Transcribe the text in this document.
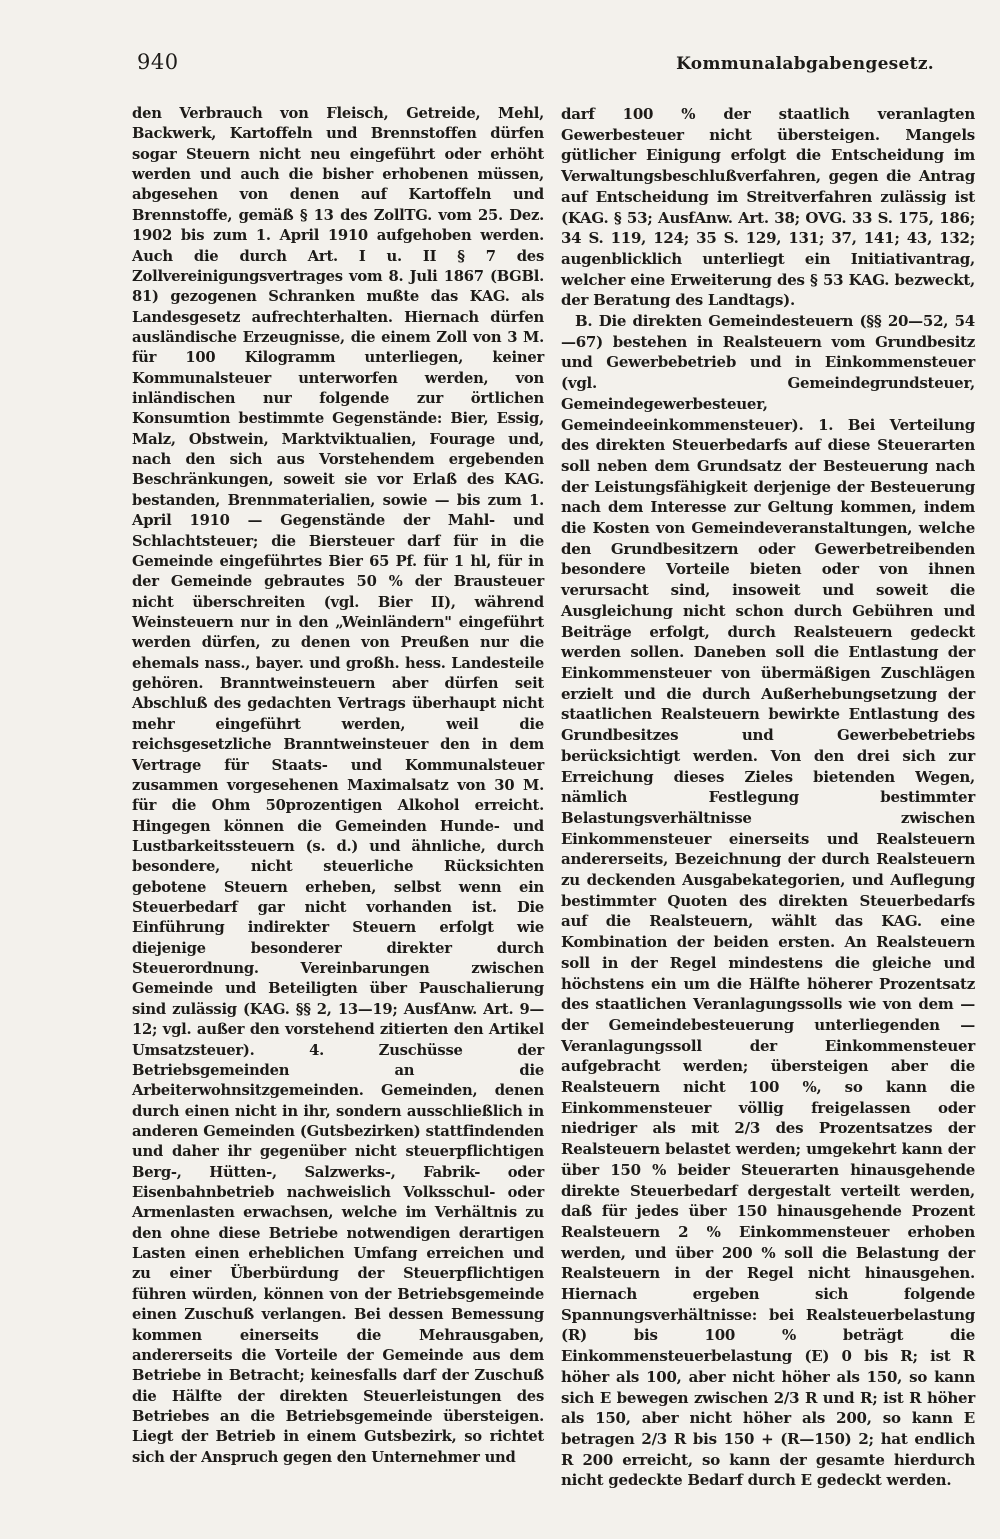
940	Kommunalabgabengesetz.

den Verbrauch von Fleisch, Getreide, Mehl, Backwerk, Kartoffeln und Brennstoffen dürfen sogar Steuern nicht neu eingeführt oder erhöht werden und auch die bisher erhobenen müssen, abgesehen von denen auf Kartoffeln und Brennstoffe, gemäß § 13 des ZollTG. vom 25. Dez. 1902 bis zum 1. April 1910 aufgehoben werden. Auch die durch Art. I u. II § 7 des Zollvereinigungsvertrages vom 8. Juli 1867 (BGBl. 81) gezogenen Schranken mußte das KAG. als Landesgesetz aufrechterhalten. Hiernach dürfen ausländische Erzeugnisse, die einem Zoll von 3 M. für 100 Kilogramm unterliegen, keiner Kommunalsteuer unterworfen werden, von inländischen nur folgende zur örtlichen Konsumtion bestimmte Gegenstände: Bier, Essig, Malz, Obstwein, Marktviktualien, Fourage und, nach den sich aus Vorstehendem ergebenden Beschränkungen, soweit sie vor Erlaß des KAG. bestanden, Brennmaterialien, sowie — bis zum 1. April 1910 — Gegenstände der Mahl- und Schlachtsteuer; die Biersteuer darf für in die Gemeinde eingeführtes Bier 65 Pf. für 1 hl, für in der Gemeinde gebrautes 50 % der Brausteuer nicht überschreiten (vgl. Bier II), während Weinsteuern nur in den „Weinländern" eingeführt werden dürfen, zu denen von Preußen nur die ehemals nass., bayer. und großh. hess. Landesteile gehören. Branntweinsteuern aber dürfen seit Abschluß des gedachten Vertrags überhaupt nicht mehr eingeführt werden, weil die reichsgesetzliche Branntweinsteuer den in dem Vertrage für Staats- und Kommunalsteuer zusammen vorgesehenen Maximalsatz von 30 M. für die Ohm 50prozentigen Alkohol erreicht. Hingegen können die Gemeinden Hunde- und Lustbarkeitssteuern (s. d.) und ähnliche, durch besondere, nicht steuerliche Rücksichten gebotene Steuern erheben, selbst wenn ein Steuerbedarf gar nicht vorhanden ist. Die Einführung indirekter Steuern erfolgt wie diejenige besonderer direkter durch Steuerordnung. Vereinbarungen zwischen Gemeinde und Beteiligten über Pauschalierung sind zulässig (KAG. §§ 2, 13—19; AusfAnw. Art. 9—12; vgl. außer den vorstehend zitierten den Artikel Umsatzsteuer). 4. Zuschüsse der Betriebsgemeinden an die Arbeiterwohnsitzgemeinden. Gemeinden, denen durch einen nicht in ihr, sondern ausschließlich in anderen Gemeinden (Gutsbezirken) stattfindenden und daher ihr gegenüber nicht steuerpflichtigen Berg-, Hütten-, Salzwerks-, Fabrik- oder Eisenbahnbetrieb nachweislich Volksschul- oder Armenlasten erwachsen, welche im Verhältnis zu den ohne diese Betriebe notwendigen derartigen Lasten einen erheblichen Umfang erreichen und zu einer Überbürdung der Steuerpflichtigen führen würden, können von der Betriebsgemeinde einen Zuschuß verlangen. Bei dessen Bemessung kommen einerseits die Mehrausgaben, andererseits die Vorteile der Gemeinde aus dem Betriebe in Betracht; keinesfalls darf der Zuschuß die Hälfte der direkten Steuerleistungen des Betriebes an die Betriebsgemeinde übersteigen. Liegt der Betrieb in einem Gutsbezirk, so richtet sich der Anspruch gegen den Unternehmer und

darf 100 % der staatlich veranlagten Gewerbesteuer nicht übersteigen. Mangels gütlicher Einigung erfolgt die Entscheidung im Verwaltungsbeschlußverfahren, gegen die Antrag auf Entscheidung im Streitverfahren zulässig ist (KAG. § 53; AusfAnw. Art. 38; OVG. 33 S. 175, 186; 34 S. 119, 124; 35 S. 129, 131; 37, 141; 43, 132; augenblicklich unterliegt ein Initiativantrag, welcher eine Erweiterung des § 53 KAG. bezweckt, der Beratung des Landtags).

B. Die direkten Gemeindesteuern (§§ 20—52, 54—67) bestehen in Realsteuern vom Grundbesitz und Gewerbebetrieb und in Einkommensteuer (vgl. Gemeindegrundsteuer, Gemeindegewerbesteuer, Gemeindeeinkommensteuer). 1. Bei Verteilung des direkten Steuerbedarfs auf diese Steuerarten soll neben dem Grundsatz der Besteuerung nach der Leistungsfähigkeit derjenige der Besteuerung nach dem Interesse zur Geltung kommen, indem die Kosten von Gemeindeveranstaltungen, welche den Grundbesitzern oder Gewerbetreibenden besondere Vorteile bieten oder von ihnen verursacht sind, insoweit und soweit die Ausgleichung nicht schon durch Gebühren und Beiträge erfolgt, durch Realsteuern gedeckt werden sollen. Daneben soll die Entlastung der Einkommensteuer von übermäßigen Zuschlägen erzielt und die durch Außerhebungsetzung der staatlichen Realsteuern bewirkte Entlastung des Grundbesitzes und Gewerbebetriebs berücksichtigt werden. Von den drei sich zur Erreichung dieses Zieles bietenden Wegen, nämlich Festlegung bestimmter Belastungsverhältnisse zwischen Einkommensteuer einerseits und Realsteuern andererseits, Bezeichnung der durch Realsteuern zu deckenden Ausgabekategorien, und Auflegung bestimmter Quoten des direkten Steuerbedarfs auf die Realsteuern, wählt das KAG. eine Kombination der beiden ersten. An Realsteuern soll in der Regel mindestens die gleiche und höchstens ein um die Hälfte höherer Prozentsatz des staatlichen Veranlagungssolls wie von dem — der Gemeindebesteuerung unterliegenden — Veranlagungssoll der Einkommensteuer aufgebracht werden; übersteigen aber die Realsteuern nicht 100 %, so kann die Einkommensteuer völlig freigelassen oder niedriger als mit 2/3 des Prozentsatzes der Realsteuern belastet werden; umgekehrt kann der über 150 % beider Steuerarten hinausgehende direkte Steuerbedarf dergestalt verteilt werden, daß für jedes über 150 hinausgehende Prozent Realsteuern 2 % Einkommensteuer erhoben werden, und über 200 % soll die Belastung der Realsteuern in der Regel nicht hinausgehen. Hiernach ergeben sich folgende Spannungsverhältnisse: bei Realsteuerbelastung (R) bis 100 % beträgt die Einkommensteuerbelastung (E) 0 bis R; ist R höher als 100, aber nicht höher als 150, so kann sich E bewegen zwischen 2/3 R und R; ist R höher als 150, aber nicht höher als 200, so kann E betragen 2/3 R bis 150 + (R—150) 2; hat endlich R 200 erreicht, so kann der gesamte hierdurch nicht gedeckte Bedarf durch E gedeckt werden.
